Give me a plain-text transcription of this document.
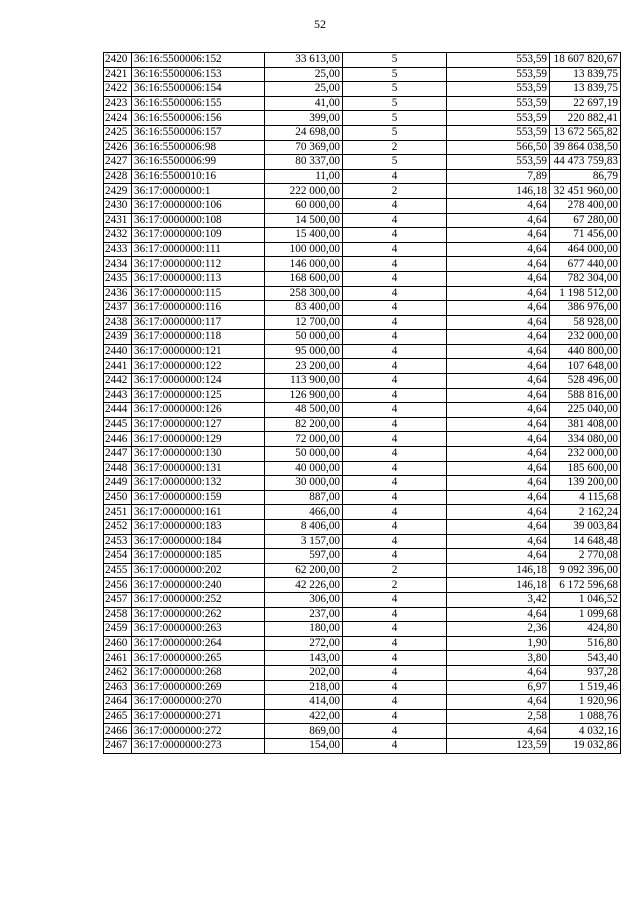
52
2420	36:16:5500006:152	33 613,00	5	553,59	18 607 820,67
2421	36:16:5500006:153	25,00	5	553,59	13 839,75
2422	36:16:5500006:154	25,00	5	553,59	13 839,75
2423	36:16:5500006:155	41,00	5	553,59	22 697,19
2424	36:16:5500006:156	399,00	5	553,59	220 882,41
2425	36:16:5500006:157	24 698,00	5	553,59	13 672 565,82
2426	36:16:5500006:98	70 369,00	2	566,50	39 864 038,50
2427	36:16:5500006:99	80 337,00	5	553,59	44 473 759,83
2428	36:16:5500010:16	11,00	4	7,89	86,79
2429	36:17:0000000:1	222 000,00	2	146,18	32 451 960,00
2430	36:17:0000000:106	60 000,00	4	4,64	278 400,00
2431	36:17:0000000:108	14 500,00	4	4,64	67 280,00
2432	36:17:0000000:109	15 400,00	4	4,64	71 456,00
2433	36:17:0000000:111	100 000,00	4	4,64	464 000,00
2434	36:17:0000000:112	146 000,00	4	4,64	677 440,00
2435	36:17:0000000:113	168 600,00	4	4,64	782 304,00
2436	36:17:0000000:115	258 300,00	4	4,64	1 198 512,00
2437	36:17:0000000:116	83 400,00	4	4,64	386 976,00
2438	36:17:0000000:117	12 700,00	4	4,64	58 928,00
2439	36:17:0000000:118	50 000,00	4	4,64	232 000,00
2440	36:17:0000000:121	95 000,00	4	4,64	440 800,00
2441	36:17:0000000:122	23 200,00	4	4,64	107 648,00
2442	36:17:0000000:124	113 900,00	4	4,64	528 496,00
2443	36:17:0000000:125	126 900,00	4	4,64	588 816,00
2444	36:17:0000000:126	48 500,00	4	4,64	225 040,00
2445	36:17:0000000:127	82 200,00	4	4,64	381 408,00
2446	36:17:0000000:129	72 000,00	4	4,64	334 080,00
2447	36:17:0000000:130	50 000,00	4	4,64	232 000,00
2448	36:17:0000000:131	40 000,00	4	4,64	185 600,00
2449	36:17:0000000:132	30 000,00	4	4,64	139 200,00
2450	36:17:0000000:159	887,00	4	4,64	4 115,68
2451	36:17:0000000:161	466,00	4	4,64	2 162,24
2452	36:17:0000000:183	8 406,00	4	4,64	39 003,84
2453	36:17:0000000:184	3 157,00	4	4,64	14 648,48
2454	36:17:0000000:185	597,00	4	4,64	2 770,08
2455	36:17:0000000:202	62 200,00	2	146,18	9 092 396,00
2456	36:17:0000000:240	42 226,00	2	146,18	6 172 596,68
2457	36:17:0000000:252	306,00	4	3,42	1 046,52
2458	36:17:0000000:262	237,00	4	4,64	1 099,68
2459	36:17:0000000:263	180,00	4	2,36	424,80
2460	36:17:0000000:264	272,00	4	1,90	516,80
2461	36:17:0000000:265	143,00	4	3,80	543,40
2462	36:17:0000000:268	202,00	4	4,64	937,28
2463	36:17:0000000:269	218,00	4	6,97	1 519,46
2464	36:17:0000000:270	414,00	4	4,64	1 920,96
2465	36:17:0000000:271	422,00	4	2,58	1 088,76
2466	36:17:0000000:272	869,00	4	4,64	4 032,16
2467	36:17:0000000:273	154,00	4	123,59	19 032,86
